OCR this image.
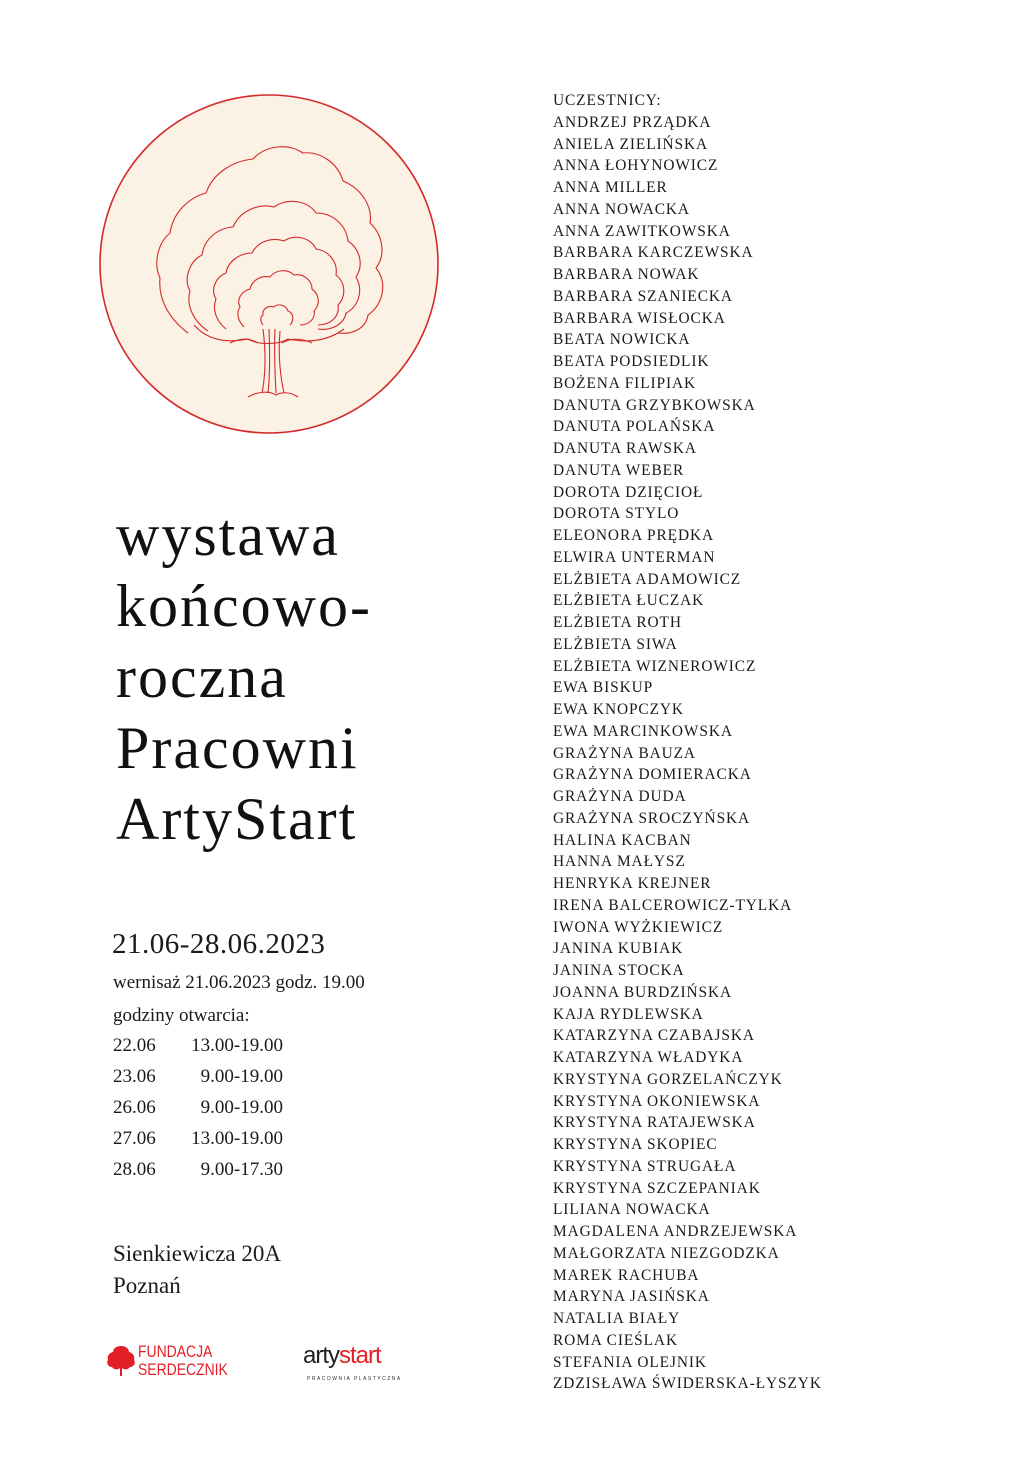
wystawa
końcowo-
roczna
Pracowni
ArtyStart
21.06-28.06.2023
wernisaż 21.06.2023 godz. 19.00
godziny otwarcia:
22.06 13.00-19.00
23.06 9.00-19.00
26.06 9.00-19.00
27.06 13.00-19.00
28.06 9.00-17.30
Sienkiewicza 20A
Poznań
FUNDACJA
SERDECZNIK
artystart
PRACOWNIA PLASTYCZNA
UCZESTNICY:
ANDRZEJ PRZĄDKA
ANIELA ZIELIŃSKA
ANNA ŁOHYNOWICZ
ANNA MILLER
ANNA NOWACKA
ANNA ZAWITKOWSKA
BARBARA KARCZEWSKA
BARBARA NOWAK
BARBARA SZANIECKA
BARBARA WISŁOCKA
BEATA NOWICKA
BEATA PODSIEDLIK
BOŻENA FILIPIAK
DANUTA GRZYBKOWSKA
DANUTA POLAŃSKA
DANUTA RAWSKA
DANUTA WEBER
DOROTA DZIĘCIOŁ
DOROTA STYLO
ELEONORA PRĘDKA
ELWIRA UNTERMAN
ELŻBIETA ADAMOWICZ
ELŻBIETA ŁUCZAK
ELŻBIETA ROTH
ELŻBIETA SIWA
ELŻBIETA WIZNEROWICZ
EWA BISKUP
EWA KNOPCZYK
EWA MARCINKOWSKA
GRAŻYNA BAUZA
GRAŻYNA DOMIERACKA
GRAŻYNA DUDA
GRAŻYNA SROCZYŃSKA
HALINA KACBAN
HANNA MAŁYSZ
HENRYKA KREJNER
IRENA BALCEROWICZ-TYLKA
IWONA WYŻKIEWICZ
JANINA KUBIAK
JANINA STOCKA
JOANNA BURDZIŃSKA
KAJA RYDLEWSKA
KATARZYNA CZABAJSKA
KATARZYNA WŁADYKA
KRYSTYNA GORZELAŃCZYK
KRYSTYNA OKONIEWSKA
KRYSTYNA RATAJEWSKA
KRYSTYNA SKOPIEC
KRYSTYNA STRUGAŁA
KRYSTYNA SZCZEPANIAK
LILIANA NOWACKA
MAGDALENA ANDRZEJEWSKA
MAŁGORZATA NIEZGODZKA
MAREK RACHUBA
MARYNA JASIŃSKA
NATALIA BIAŁY
ROMA CIEŚLAK
STEFANIA OLEJNIK
ZDZISŁAWA ŚWIDERSKA-ŁYSZYK
